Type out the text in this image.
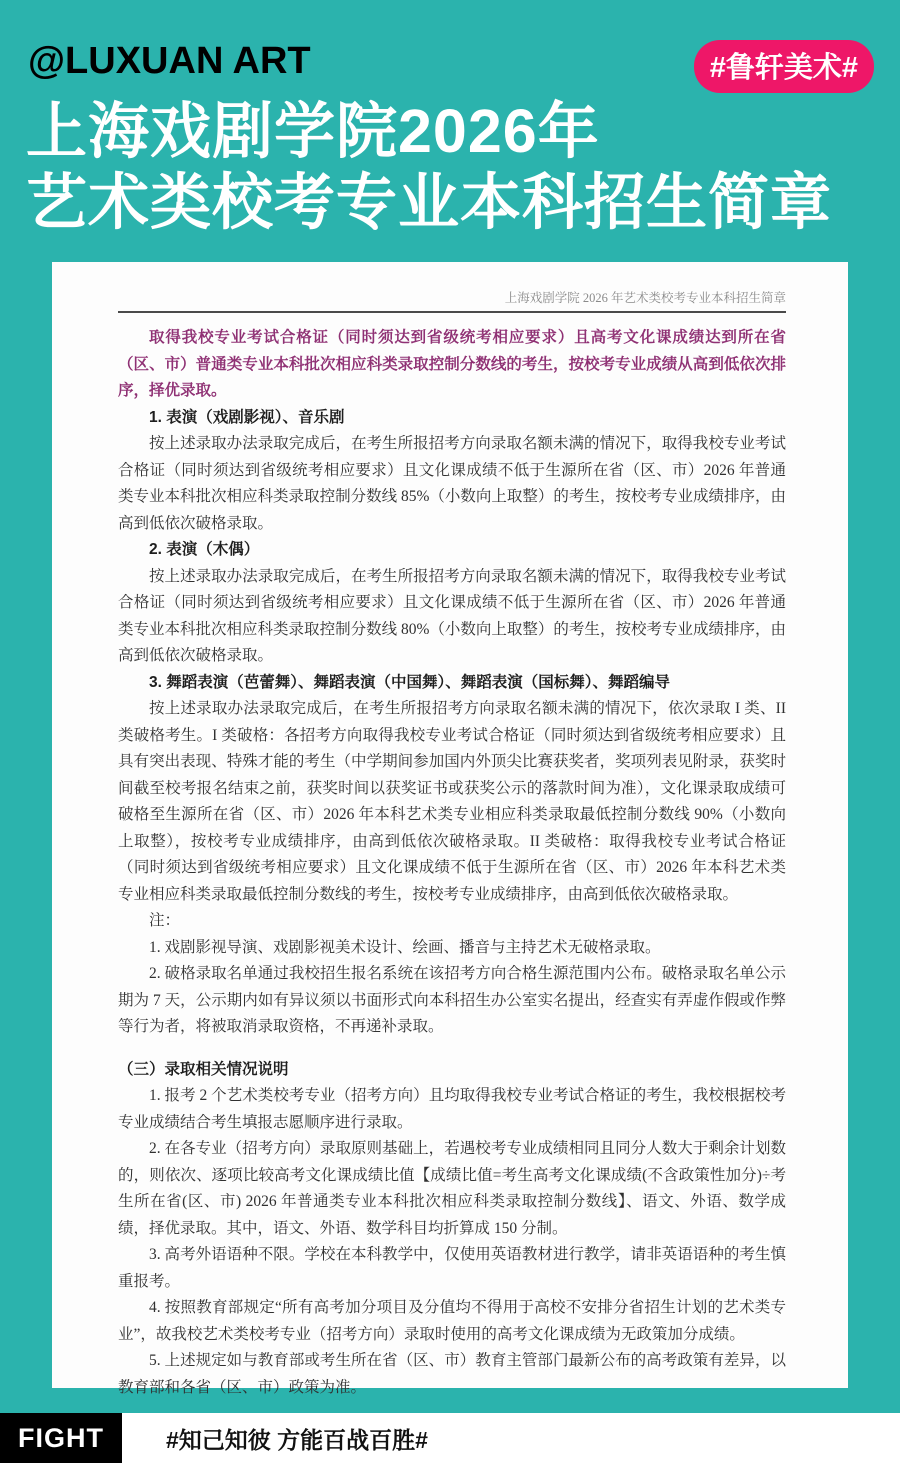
@LUXUAN ART	#鲁轩美术#
上海戏剧学院2026年
艺术类校考专业本科招生简章
上海戏剧学院 2026 年艺术类校考专业本科招生简章

取得我校专业考试合格证（同时须达到省级统考相应要求）且高考文化课成绩达到所在省（区、市）普通类专业本科批次相应科类录取控制分数线的考生，按校考专业成绩从高到低依次排序，择优录取。

1. 表演（戏剧影视）、音乐剧

按上述录取办法录取完成后，在考生所报招考方向录取名额未满的情况下，取得我校专业考试合格证（同时须达到省级统考相应要求）且文化课成绩不低于生源所在省（区、市）2026 年普通类专业本科批次相应科类录取控制分数线 85%（小数向上取整）的考生，按校考专业成绩排序，由高到低依次破格录取。

2. 表演（木偶）

按上述录取办法录取完成后，在考生所报招考方向录取名额未满的情况下，取得我校专业考试合格证（同时须达到省级统考相应要求）且文化课成绩不低于生源所在省（区、市）2026 年普通类专业本科批次相应科类录取控制分数线 80%（小数向上取整）的考生，按校考专业成绩排序，由高到低依次破格录取。

3. 舞蹈表演（芭蕾舞）、舞蹈表演（中国舞）、舞蹈表演（国标舞）、舞蹈编导

按上述录取办法录取完成后，在考生所报招考方向录取名额未满的情况下，依次录取 I 类、II 类破格考生。I 类破格：各招考方向取得我校专业考试合格证（同时须达到省级统考相应要求）且具有突出表现、特殊才能的考生（中学期间参加国内外顶尖比赛获奖者，奖项列表见附录，获奖时间截至校考报名结束之前，获奖时间以获奖证书或获奖公示的落款时间为准），文化课录取成绩可破格至生源所在省（区、市）2026 年本科艺术类专业相应科类录取最低控制分数线 90%（小数向上取整），按校考专业成绩排序，由高到低依次破格录取。II 类破格：取得我校专业考试合格证（同时须达到省级统考相应要求）且文化课成绩不低于生源所在省（区、市）2026 年本科艺术类专业相应科类录取最低控制分数线的考生，按校考专业成绩排序，由高到低依次破格录取。

注：

1. 戏剧影视导演、戏剧影视美术设计、绘画、播音与主持艺术无破格录取。

2. 破格录取名单通过我校招生报名系统在该招考方向合格生源范围内公布。破格录取名单公示期为 7 天，公示期内如有异议须以书面形式向本科招生办公室实名提出，经查实有弄虚作假或作弊等行为者，将被取消录取资格，不再递补录取。

（三）录取相关情况说明

1. 报考 2 个艺术类校考专业（招考方向）且均取得我校专业考试合格证的考生，我校根据校考专业成绩结合考生填报志愿顺序进行录取。

2. 在各专业（招考方向）录取原则基础上，若遇校考专业成绩相同且同分人数大于剩余计划数的，则依次、逐项比较高考文化课成绩比值【成绩比值=考生高考文化课成绩(不含政策性加分)÷考生所在省(区、市) 2026 年普通类专业本科批次相应科类录取控制分数线】、语文、外语、数学成绩，择优录取。其中，语文、外语、数学科目均折算成 150 分制。

3. 高考外语语种不限。学校在本科教学中，仅使用英语教材进行教学，请非英语语种的考生慎重报考。

4. 按照教育部规定“所有高考加分项目及分值均不得用于高校不安排分省招生计划的艺术类专业”，故我校艺术类校考专业（招考方向）录取时使用的高考文化课成绩为无政策加分成绩。

5. 上述规定如与教育部或考生所在省（区、市）教育主管部门最新公布的高考政策有差异，以教育部和各省（区、市）政策为准。

FIGHT	#知己知彼 方能百战百胜#
